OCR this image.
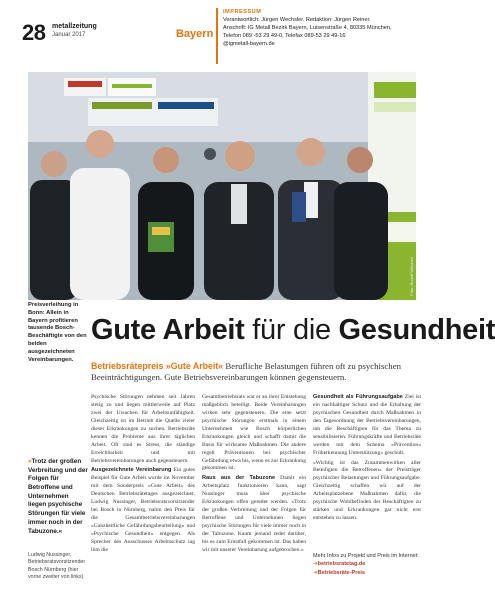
28 metallzeitung
Januar 2017	Bayern
IMPRESSUM
Verantwortlich: Jürgen Wechsler. Redaktion: Jürgen Reiner.
Anschrift: IG Metall Bezirk Bayern, Luisenstraße 4, 80335 München,
Telefon 089 -53 29 49-0, Telefax 089-53 29 49-16
@igmetall-bayern.de
Foto: Rudolf Wiechert
Preisverleihung in Bonn: Allein in Bayern profitieren tausende Bosch-Beschäftigte von den beiden ausgezeichneten Vereinbarungen.
Gute Arbeit für die Gesundheit
Betriebsrätepreis »Gute Arbeit« Berufliche Belastungen führen oft zu psychischen Beeinträchtigungen. Gute Betriebsvereinbarungen können gegensteuern.
»Trotz der großen Verbreitung und der Folgen für Betroffene und Unternehmen liegen psychische Störungen für viele immer noch in der Tabuzone.«
Ludwig Nussinger,
Betriebsratsvorsitzender Bosch Nürnberg (hier vorne zweiter von links)

Psychische Störungen nehmen seit Jahren stetig zu und liegen mittlerweile auf Platz zwei der Ursachen für Arbeitsunfähigkeit. Gleichzeitig ist im Betrieb die Quelle vieler dieser Erkrankungen zu suchen. Betriebsräte kennen die Probleme aus ihrer täglichen Arbeit. Oft sind es Stress, die ständige Erreichbarkeit und mit Betriebsvereinbarungen auch gegensteuern.

Ausgezeichnete Vereinbarung Ein gutes Beispiel für Gute Arbeit wurde im November mit dem Sonderpreis »Gute Arbeit« des Deutschen Betriebsrätetages ausgezeichnet. Ludwig Nussinger, Betriebsratsvorsitzender bei Bosch in Nürnberg, nahm den Preis für die Gesamtbetriebsvereinbarungen »Ganzheitliche Gefährdungsbeurteilung« und »Psychische Gesundheit« entgegen. Als Sprecher des Ausschusses Arbeitsschutz lag ihm die

Gesamtbetriebsrats war er an ihrer Entstehung maßgeblich beteiligt. Beide Vereinbarungen wirken sehr gegensteuern. Die eine setzt psychische Störungen erstmals in einem Unternehmen wie Bosch körperlichen Erkrankungen gleich und schafft damit die Basis für wirksame Maßnahmen. Die andere regelt Präventionen bei psychischer Gefährdung etwa bis, wenn es zur Erkrankung gekommen ist.

Raus aus der Tabuzone Damit ein Arbeitsplatz funktionieren kann, sagt Nussinger muss über psychische Erkrankungen offen geredet werden. »Trotz der großen Verbreitung und der Folgen für Betroffene und Unternehmen liegen psychische Störungen für viele immer noch in der Tabuzone. Kaum jemand redet darüber, bis es zum Ernstfall gekommen ist. Das haben wir mit unserer Vereinbarung aufgebrochen.«

Gesundheit als Führungsaufgabe Ziel ist ein nachhaltiger Schutz und die Erhaltung der psychischen Gesundheit durch Maßnahmen in den Tagesordnung der Betriebsvereinbarungen, um die Beschäftigten für das Thema zu sensibilisieren. Führungskräfte und Betriebsräte werden mit dem Schema »Prävention« Früherkennung Unterstützung« geschult.

»Wichtig ist das Zusammenwirken aller Beteiligten die Betroffenen« der Preisträger psychischer Belastungen und Führungsaufgabe. Gleichzeitig schaffen wir auf der Arbeitsplatzebene Maßnahmen dafür, die psychische Wohlbefinden der Beschäftigten zu stärken und Erkrankungen gar nicht erst entstehen zu lassen.

Mehr Infos zu Projekt und Preis im Internet:
➜betriebsratetag.de
➜Betriebsräte-Preis
